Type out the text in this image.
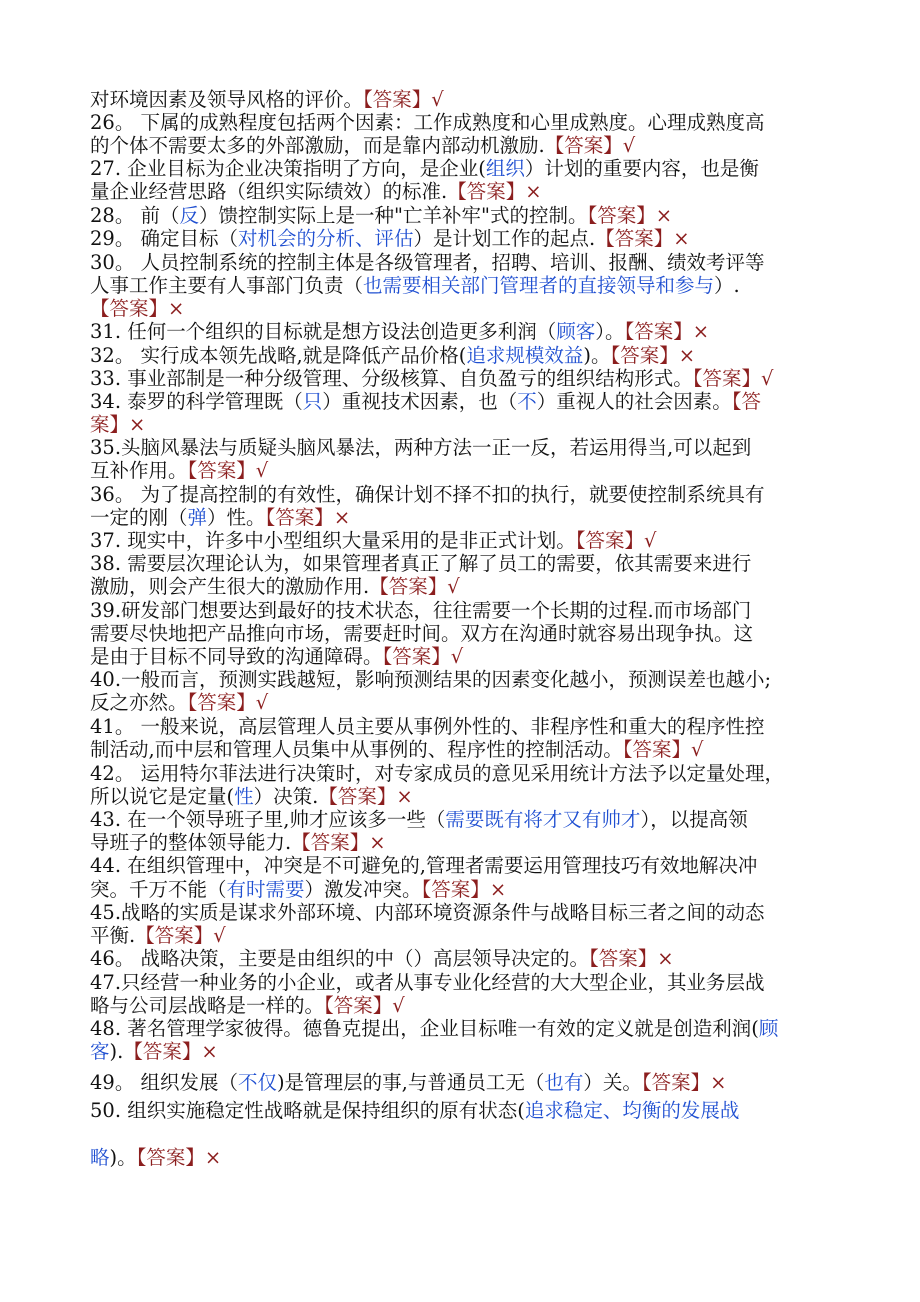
对环境因素及领导风格的评价。【答案】√
26。 下属的成熟程度包括两个因素：工作成熟度和心里成熟度。心理成熟度高
的个体不需要太多的外部激励，而是靠内部动机激励.【答案】√
27. 企业目标为企业决策指明了方向，是企业(组织）计划的重要内容，也是衡
量企业经营思路（组织实际绩效）的标准.【答案】×
28。 前（反）馈控制实际上是一种"亡羊补牢"式的控制。【答案】×
29。 确定目标（对机会的分析、评估）是计划工作的起点.【答案】×
30。 人员控制系统的控制主体是各级管理者，招聘、培训、报酬、绩效考评等
人事工作主要有人事部门负责（也需要相关部门管理者的直接领导和参与）.
【答案】×
31. 任何一个组织的目标就是想方设法创造更多利润（顾客）。【答案】×
32。 实行成本领先战略,就是降低产品价格(追求规模效益)。【答案】×
33. 事业部制是一种分级管理、分级核算、自负盈亏的组织结构形式。【答案】√
34. 泰罗的科学管理既（只）重视技术因素，也（不）重视人的社会因素。【答
案】×
35.头脑风暴法与质疑头脑风暴法，两种方法一正一反，若运用得当,可以起到
互补作用。【答案】√
36。 为了提高控制的有效性，确保计划不择不扣的执行，就要使控制系统具有
一定的刚（弹）性。【答案】×
37. 现实中，许多中小型组织大量采用的是非正式计划。【答案】√
38. 需要层次理论认为，如果管理者真正了解了员工的需要，依其需要来进行
激励，则会产生很大的激励作用.【答案】√
39.研发部门想要达到最好的技术状态，往往需要一个长期的过程.而市场部门
需要尽快地把产品推向市场，需要赶时间。双方在沟通时就容易出现争执。这
是由于目标不同导致的沟通障碍。【答案】√
40.一般而言，预测实践越短，影响预测结果的因素变化越小，预测误差也越小;
反之亦然。【答案】√
41。 一般来说，高层管理人员主要从事例外性的、非程序性和重大的程序性控
制活动,而中层和管理人员集中从事例的、程序性的控制活动。【答案】√
42。 运用特尔菲法进行决策时，对专家成员的意见采用统计方法予以定量处理，
所以说它是定量(性）决策.【答案】×
43. 在一个领导班子里,帅才应该多一些（需要既有将才又有帅才），以提高领
导班子的整体领导能力.【答案】×
44. 在组织管理中，冲突是不可避免的,管理者需要运用管理技巧有效地解决冲
突。千万不能（有时需要）激发冲突。【答案】×
45.战略的实质是谋求外部环境、内部环境资源条件与战略目标三者之间的动态
平衡.【答案】√
46。 战略决策，主要是由组织的中（）高层领导决定的。【答案】×
47.只经营一种业务的小企业，或者从事专业化经营的大大型企业，其业务层战
略与公司层战略是一样的。【答案】√
48. 著名管理学家彼得。德鲁克提出，企业目标唯一有效的定义就是创造利润(顾
客).【答案】×
49。 组织发展（不仅)是管理层的事,与普通员工无（也有）关。【答案】×
50. 组织实施稳定性战略就是保持组织的原有状态(追求稳定、均衡的发展战
略)。【答案】×
